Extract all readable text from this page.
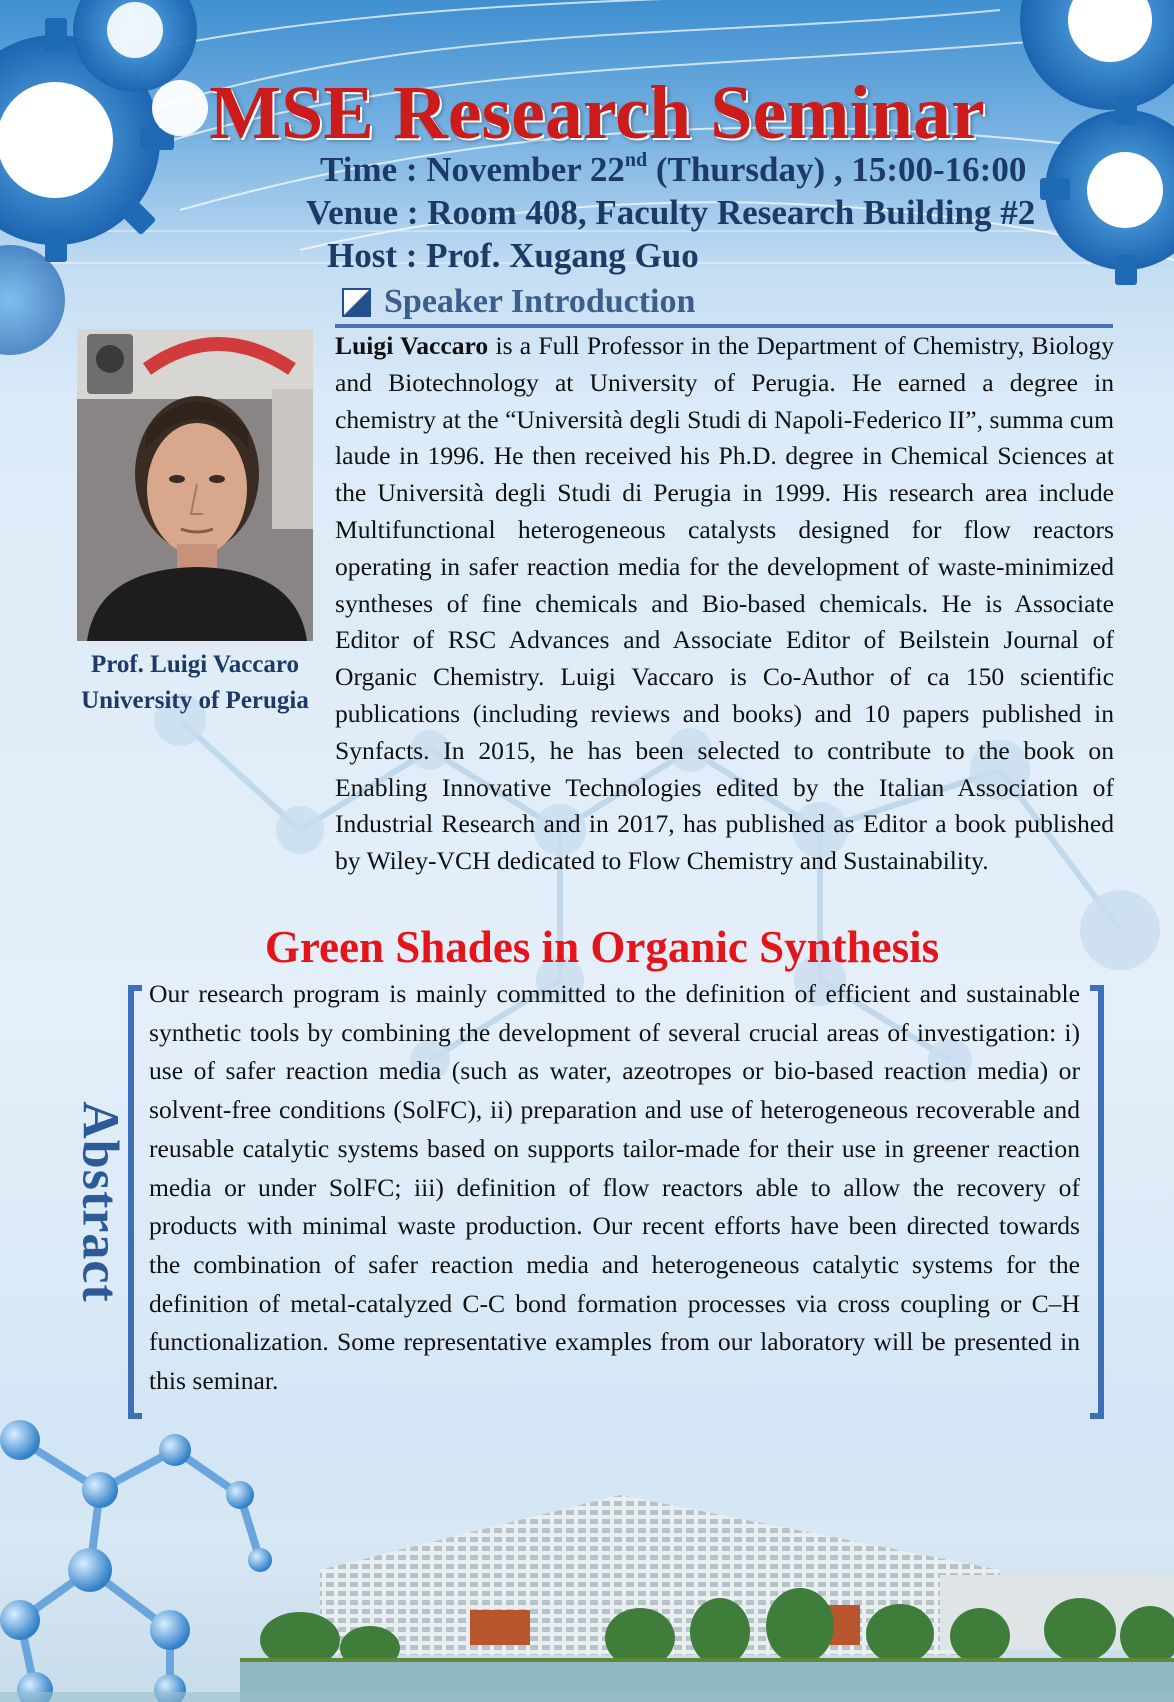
MSE Research Seminar
Time : November 22nd (Thursday) , 15:00-16:00
Venue : Room 408, Faculty Research Building #2
Host : Prof. Xugang Guo
Speaker Introduction
Prof. Luigi Vaccaro
University of Perugia

Luigi Vaccaro is a Full Professor in the Department of Chemistry, Biology and Biotechnology at University of Perugia. He earned a degree in chemistry at the “Università degli Studi di Napoli-Federico II”, summa cum laude in 1996. He then received his Ph.D. degree in Chemical Sciences at the Università degli Studi di Perugia in 1999. His research area include Multifunctional heterogeneous catalysts designed for flow reactors operating in safer reaction media for the development of waste-minimized syntheses of fine chemicals and Bio-based chemicals. He is Associate Editor of RSC Advances and Associate Editor of Beilstein Journal of Organic Chemistry. Luigi Vaccaro is Co-Author of ca 150 scientific publications (including reviews and books) and 10 papers published in Synfacts. In 2015, he has been selected to contribute to the book on Enabling Innovative Technologies edited by the Italian Association of Industrial Research and in 2017, has published as Editor a book published by Wiley-VCH dedicated to Flow Chemistry and Sustainability.

Green Shades in Organic Synthesis
Abstract

Our research program is mainly committed to the definition of efficient and sustainable synthetic tools by combining the development of several crucial areas of investigation: i) use of safer reaction media (such as water, azeotropes or bio-based reaction media) or solvent-free conditions (SolFC), ii) preparation and use of heterogeneous recoverable and reusable catalytic systems based on supports tailor-made for their use in greener reaction media or under SolFC; iii) definition of flow reactors able to allow the recovery of products with minimal waste production. Our recent efforts have been directed towards the combination of safer reaction media and heterogeneous catalytic systems for the definition of metal-catalyzed C-C bond formation processes via cross coupling or C–H functionalization. Some representative examples from our laboratory will be presented in this seminar.
